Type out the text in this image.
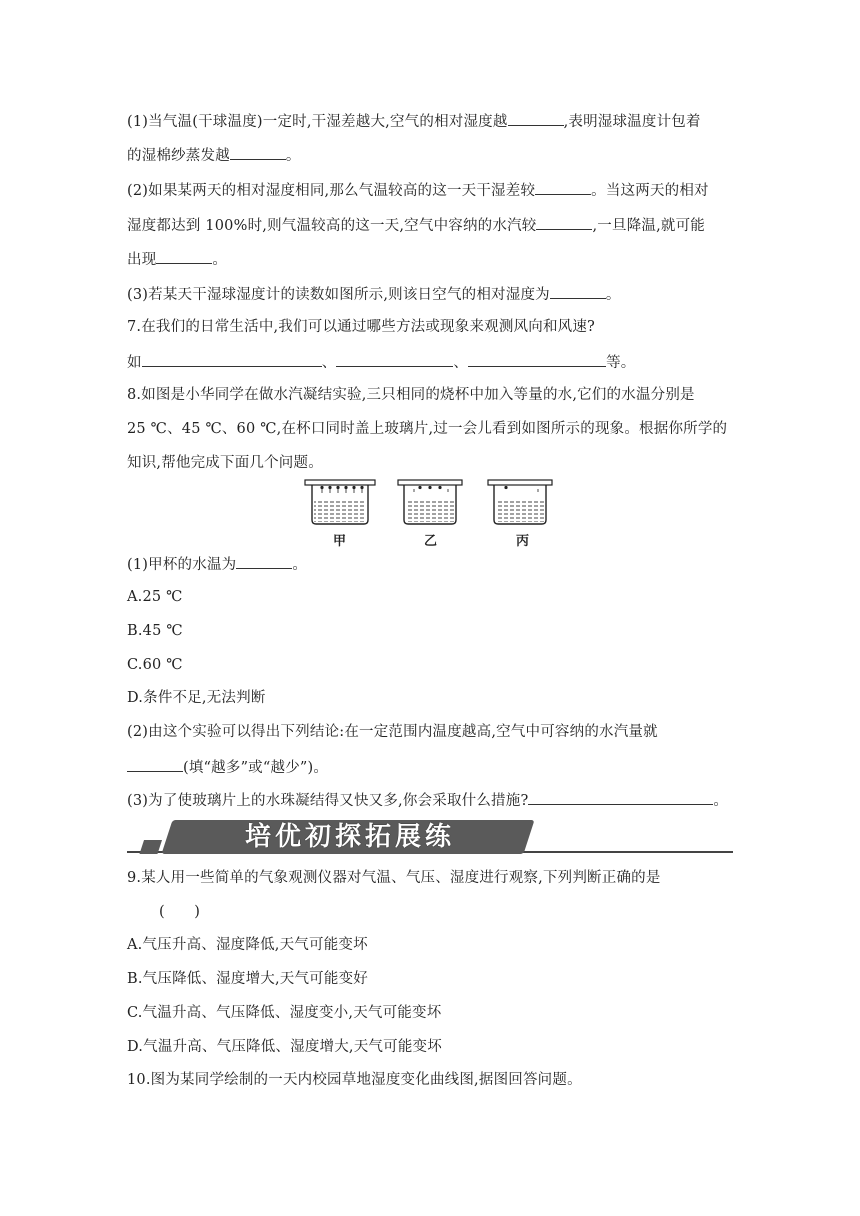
(1)当气温(干球温度)一定时,干湿差越大,空气的相对湿度越	,表明湿球温度计包着
的湿棉纱蒸发越	。
(2)如果某两天的相对湿度相同,那么气温较高的这一天干湿差较	。当这两天的相对
湿度都达到 100%时,则气温较高的这一天,空气中容纳的水汽较	,一旦降温,就可能
出现	。
(3)若某天干湿球湿度计的读数如图所示,则该日空气的相对湿度为	。
7.在我们的日常生活中,我们可以通过哪些方法或现象来观测风向和风速?
如	、	、	等。
8.如图是小华同学在做水汽凝结实验,三只相同的烧杯中加入等量的水,它们的水温分别是
25 ℃、45 ℃、60 ℃,在杯口同时盖上玻璃片,过一会儿看到如图所示的现象。根据你所学的
知识,帮他完成下面几个问题。
甲	乙	丙
(1)甲杯的水温为	。
A.25 ℃
B.45 ℃
C.60 ℃
D.条件不足,无法判断
(2)由这个实验可以得出下列结论:在一定范围内温度越高,空气中可容纳的水汽量就
(填“越多”或“越少”)。
(3)为了使玻璃片上的水珠凝结得又快又多,你会采取什么措施?	。
培优初探拓展练
9.某人用一些简单的气象观测仪器对气温、气压、湿度进行观察,下列判断正确的是
(　　)
A.气压升高、湿度降低,天气可能变坏
B.气压降低、湿度增大,天气可能变好
C.气温升高、气压降低、湿度变小,天气可能变坏
D.气温升高、气压降低、湿度增大,天气可能变坏
10.图为某同学绘制的一天内校园草地湿度变化曲线图,据图回答问题。
